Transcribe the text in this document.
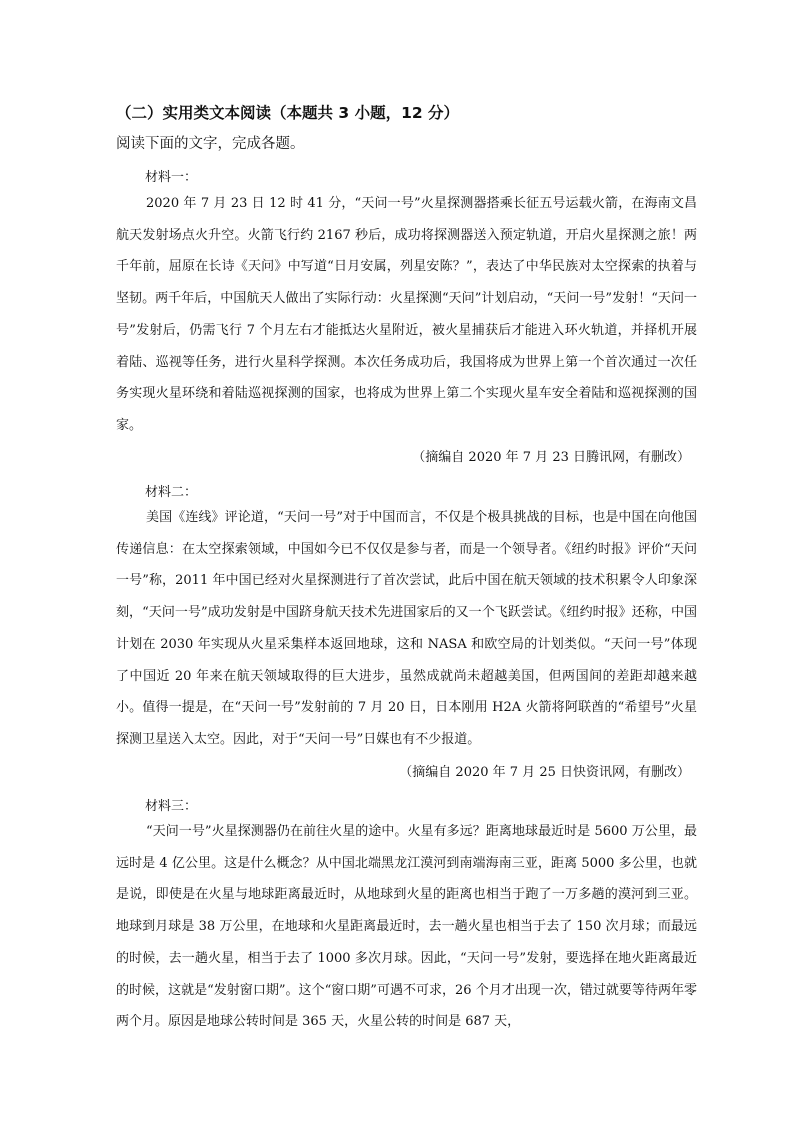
（二）实用类文本阅读（本题共 3 小题，12 分）
阅读下面的文字，完成各题。
材料一：

2020 年 7 月 23 日 12 时 41 分，“天问一号”火星探测器搭乘长征五号运载火箭，在海南文昌航天发射场点火升空。火箭飞行约 2167 秒后，成功将探测器送入预定轨道，开启火星探测之旅！两千年前，屈原在长诗《天问》中写道“日月安属，列星安陈？”，表达了中华民族对太空探索的执着与坚韧。两千年后，中国航天人做出了实际行动：火星探测“天问”计划启动，“天问一号”发射！“天问一号”发射后，仍需飞行 7 个月左右才能抵达火星附近，被火星捕获后才能进入环火轨道，并择机开展着陆、巡视等任务，进行火星科学探测。本次任务成功后，我国将成为世界上第一个首次通过一次任务实现火星环绕和着陆巡视探测的国家，也将成为世界上第二个实现火星车安全着陆和巡视探测的国家。

（摘编自 2020 年 7 月 23 日腾讯网，有删改）
材料二：

美国《连线》评论道，“天问一号”对于中国而言，不仅是个极具挑战的目标，也是中国在向他国传递信息：在太空探索领域，中国如今已不仅仅是参与者，而是一个领导者。《纽约时报》评价“天问一号”称，2011 年中国已经对火星探测进行了首次尝试，此后中国在航天领域的技术积累令人印象深刻，“天问一号”成功发射是中国跻身航天技术先进国家后的又一个飞跃尝试。《纽约时报》还称，中国计划在 2030 年实现从火星采集样本返回地球，这和 NASA 和欧空局的计划类似。“天问一号”体现了中国近 20 年来在航天领域取得的巨大进步，虽然成就尚未超越美国，但两国间的差距却越来越小。值得一提是，在“天问一号”发射前的 7 月 20 日，日本刚用 H2A 火箭将阿联酋的“希望号”火星探测卫星送入太空。因此，对于“天问一号”日媒也有不少报道。

（摘编自 2020 年 7 月 25 日快资讯网，有删改）
材料三：

“天问一号”火星探测器仍在前往火星的途中。火星有多远？距离地球最近时是 5600 万公里，最远时是 4 亿公里。这是什么概念？从中国北端黑龙江漠河到南端海南三亚，距离 5000 多公里，也就是说，即使是在火星与地球距离最近时，从地球到火星的距离也相当于跑了一万多趟的漠河到三亚。地球到月球是 38 万公里，在地球和火星距离最近时，去一趟火星也相当于去了 150 次月球；而最远的时候，去一趟火星，相当于去了 1000 多次月球。因此，“天问一号”发射，要选择在地火距离最近的时候，这就是“发射窗口期”。这个“窗口期”可遇不可求，26 个月才出现一次，错过就要等待两年零两个月。原因是地球公转时间是 365 天，火星公转的时间是 687 天，
